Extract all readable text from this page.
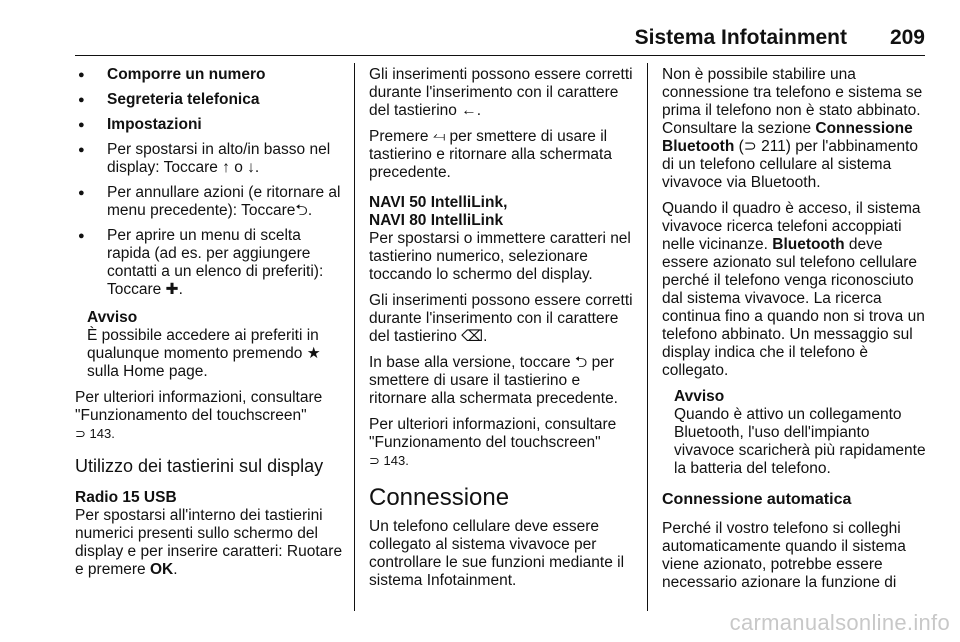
Sistema Infotainment 209
● Comporre un numero
● Segreteria telefonica
● Impostazioni
● Per spostarsi in alto/in basso nel display: Toccare ↑ o ↓.
● Per annullare azioni (e ritornare al menu precedente): Toccare⮌.
● Per aprire un menu di scelta rapida (ad es. per aggiungere contatti a un elenco di preferiti): Toccare ✚.
Avviso
È possibile accedere ai preferiti in qualunque momento premendo ★ sulla Home page.

Per ulteriori informazioni, consultare "Funzionamento del touchscreen"
⊃ 143.

Utilizzo dei tastierini sul display
Radio 15 USB

Per spostarsi all'interno dei tastierini numerici presenti sullo schermo del display e per inserire caratteri: Ruotare e premere OK.

Gli inserimenti possono essere corretti durante l'inserimento con il carattere del tastierino ←.

Premere ⥚ per smettere di usare il tastierino e ritornare alla schermata precedente.

NAVI 50 IntelliLink,
NAVI 80 IntelliLink

Per spostarsi o immettere caratteri nel tastierino numerico, selezionare toccando lo schermo del display.

Gli inserimenti possono essere corretti durante l'inserimento con il carattere del tastierino ⌫.

In base alla versione, toccare ⮌ per smettere di usare il tastierino e ritornare alla schermata precedente.

Per ulteriori informazioni, consultare "Funzionamento del touchscreen"
⊃ 143.

Connessione

Un telefono cellulare deve essere collegato al sistema vivavoce per controllare le sue funzioni mediante il sistema Infotainment.

Non è possibile stabilire una connessione tra telefono e sistema se prima il telefono non è stato abbinato. Consultare la sezione Connessione Bluetooth (⊃ 211) per l'abbinamento di un telefono cellulare al sistema vivavoce via Bluetooth.

Quando il quadro è acceso, il sistema vivavoce ricerca telefoni accoppiati nelle vicinanze. Bluetooth deve essere azionato sul telefono cellulare perché il telefono venga riconosciuto dal sistema vivavoce. La ricerca continua fino a quando non si trova un telefono abbinato. Un messaggio sul display indica che il telefono è collegato.

Avviso
Quando è attivo un collegamento Bluetooth, l'uso dell'impianto vivavoce scaricherà più rapidamente la batteria del telefono.
Connessione automatica

Perché il vostro telefono si colleghi automaticamente quando il sistema viene azionato, potrebbe essere necessario azionare la funzione di

carmanualsonline.info
